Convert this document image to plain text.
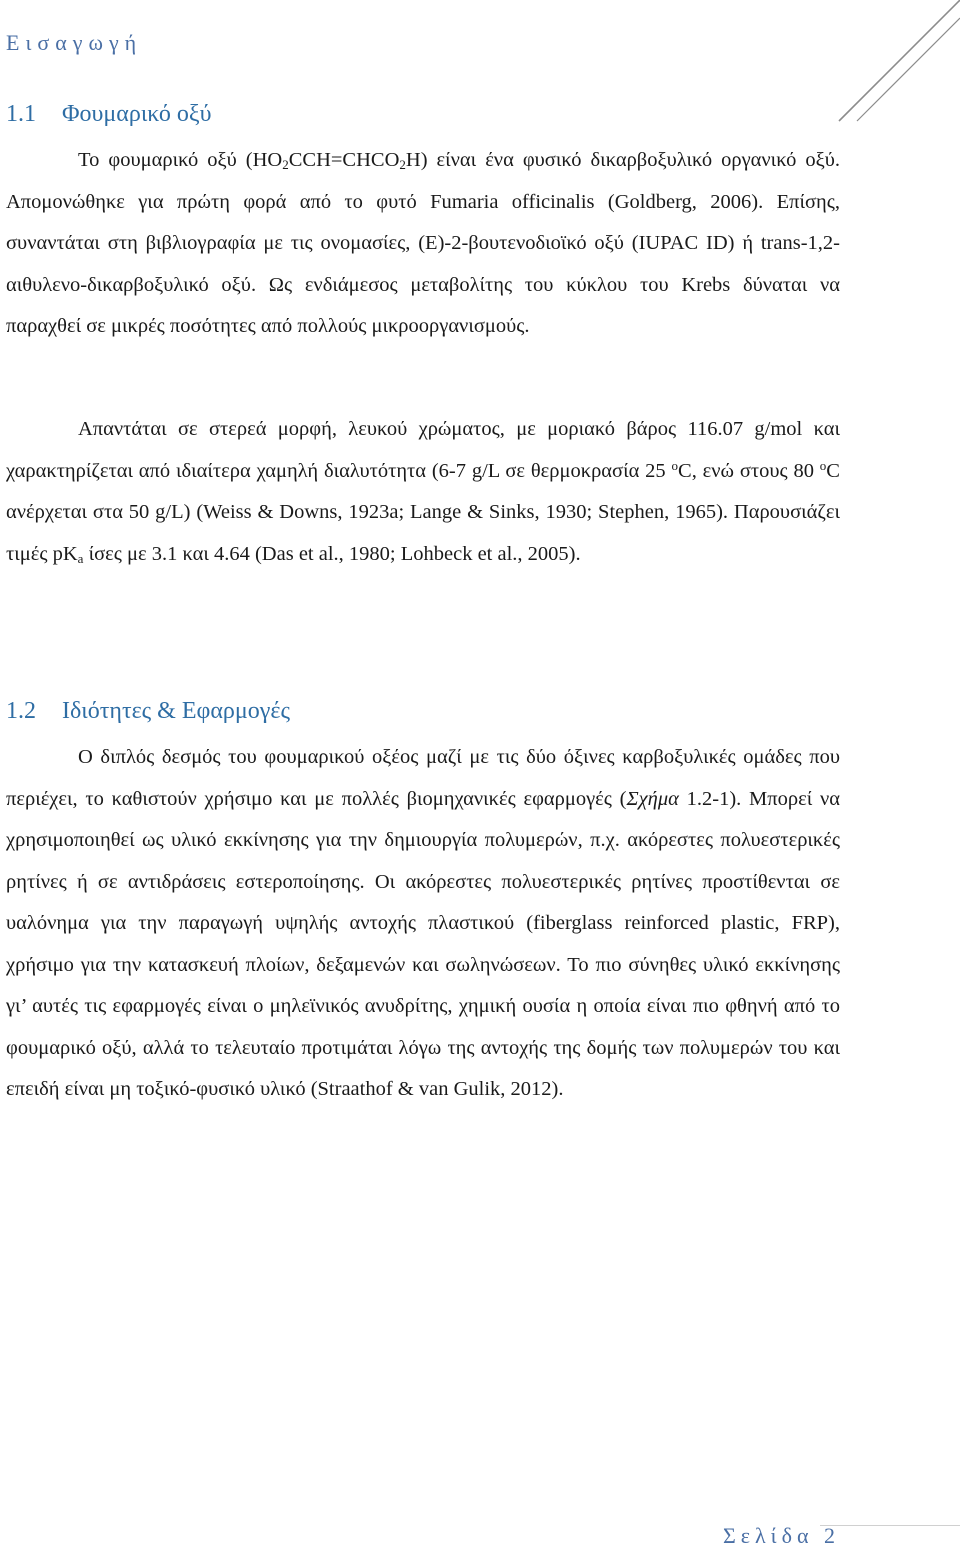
Εισαγωγή
1.1 Φουμαρικό οξύ
Το φουμαρικό οξύ $(HO_2CCH=CHCO_2H)$ είναι ένα φυσικό δικαρβοξυλικό οργανικό οξύ. Απομονώθηκε για πρώτη φορά από το φυτό Fumaria officinalis (Goldberg, 2006). Επίσης, συναντάται στη βιβλιογραφία με τις ονομασίες, (E)-2-βουτενοδιοϊκό οξύ (IUPAC ID) ή trans-1,2-αιθυλενο-δικαρβοξυλικό οξύ. Ως ενδιάμεσος μεταβολίτης του κύκλου του Krebs δύναται να παραχθεί σε μικρές ποσότητες από πολλούς μικροοργανισμούς.
Απαντάται σε στερεά μορφή, λευκού χρώματος, με μοριακό βάρος 116.07 g/mol και χαρακτηρίζεται από ιδιαίτερα χαμηλή διαλυτότητα (6-7 g/L σε θερμοκρασία 25 $^o$C, ενώ στους 80 $^o$C ανέρχεται στα 50 g/L) (Weiss & Downs, 1923a; Lange & Sinks, 1930; Stephen, 1965). Παρουσιάζει τιμές $pK_a$ ίσες με 3.1 και 4.64 (Das et al., 1980; Lohbeck et al., 2005).
1.2 Ιδιότητες & Εφαρμογές
Ο διπλός δεσμός του φουμαρικού οξέος μαζί με τις δύο όξινες καρβοξυλικές ομάδες που περιέχει, το καθιστούν χρήσιμο και με πολλές βιομηχανικές εφαρμογές (Σχήμα 1.2-1). Μπορεί να χρησιμοποιηθεί ως υλικό εκκίνησης για την δημιουργία πολυμερών, π.χ. ακόρεστες πολυεστερικές ρητίνες ή σε αντιδράσεις εστεροποίησης. Οι ακόρεστες πολυεστερικές ρητίνες προστίθενται σε υαλόνημα για την παραγωγή υψηλής αντοχής πλαστικού (fiberglass reinforced plastic, FRP), χρήσιμο για την κατασκευή πλοίων, δεξαμενών και σωληνώσεων. Το πιο σύνηθες υλικό εκκίνησης γι’ αυτές τις εφαρμογές είναι ο μηλεϊνικός ανυδρίτης, χημική ουσία η οποία είναι πιο φθηνή από το φουμαρικό οξύ, αλλά το τελευταίο προτιμάται λόγω της αντοχής της δομής των πολυμερών του και επειδή είναι μη τοξικό-φυσικό υλικό (Straathof & van Gulik, 2012).
Σελίδα 2
